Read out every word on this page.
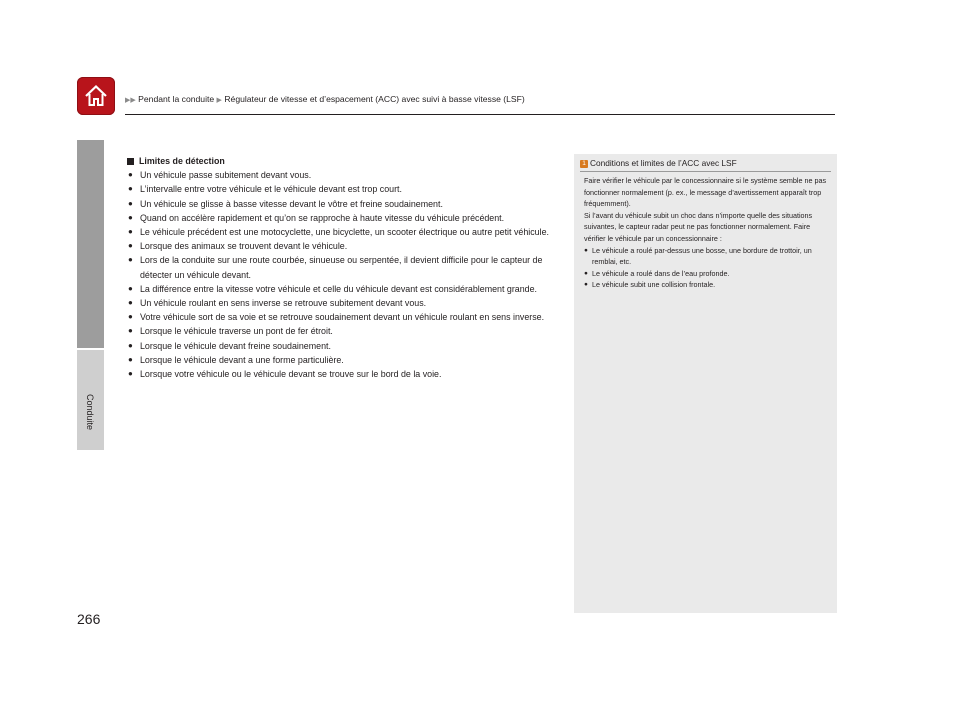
▶▶ Pendant la conduite ▶ Régulateur de vitesse et d’espacement (ACC) avec suivi à basse vitesse (LSF)
Conduite
Limites de détection
● Un véhicule passe subitement devant vous.
● L’intervalle entre votre véhicule et le véhicule devant est trop court.
● Un véhicule se glisse à basse vitesse devant le vôtre et freine soudainement.
● Quand on accélère rapidement et qu’on se rapproche à haute vitesse du véhicule précédent.
● Le véhicule précédent est une motocyclette, une bicyclette, un scooter électrique ou autre petit véhicule.
● Lorsque des animaux se trouvent devant le véhicule.
● Lors de la conduite sur une route courbée, sinueuse ou serpentée, il devient difficile pour le capteur de détecter un véhicule devant.
● La différence entre la vitesse votre véhicule et celle du véhicule devant est considérablement grande.
● Un véhicule roulant en sens inverse se retrouve subitement devant vous.
● Votre véhicule sort de sa voie et se retrouve soudainement devant un véhicule roulant en sens inverse.
● Lorsque le véhicule traverse un pont de fer étroit.
● Lorsque le véhicule devant freine soudainement.
● Lorsque le véhicule devant a une forme particulière.
● Lorsque votre véhicule ou le véhicule devant se trouve sur le bord de la voie.
1 Conditions et limites de l’ACC avec LSF

Faire vérifier le véhicule par le concessionnaire si le système semble ne pas fonctionner normalement (p. ex., le message d’avertissement apparaît trop fréquemment).

Si l’avant du véhicule subit un choc dans n’importe quelle des situations suivantes, le capteur radar peut ne pas fonctionner normalement. Faire vérifier le véhicule par un concessionnaire :

● Le véhicule a roulé par-dessus une bosse, une bordure de trottoir, un remblai, etc.
● Le véhicule a roulé dans de l’eau profonde.
● Le véhicule subit une collision frontale.
266
